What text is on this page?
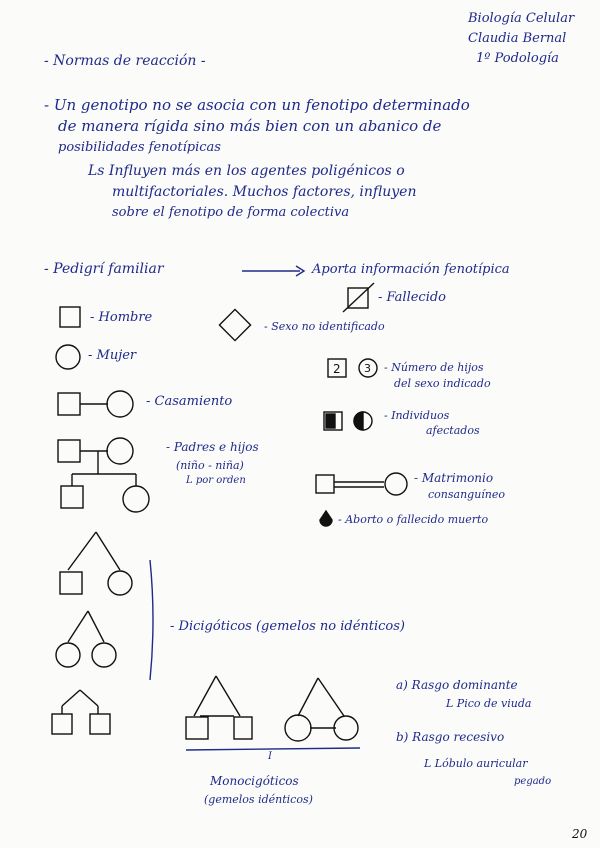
Biología Celular
Claudia Bernal
1º Podología
- Normas de reacción -
- Un genotipo no se asocia con un fenotipo determinado
de manera rígida sino más bien con un abanico de
posibilidades fenotípicas
Ls Influyen más en los agentes poligénicos o
multifactoriales. Muchos factores, influyen
sobre el fenotipo de forma colectiva
- Pedigrí familiar	Aporta información fenotípica
- Hombre
- Mujer
- Casamiento
- Padres e hijos
(niño - niña)
L por orden
- Fallecido
- Sexo no identificado
- Número de hijos
del sexo indicado
- Individuos
afectados
- Matrimonio
consanguíneo
- Aborto o fallecido muerto
- Dicigóticos (gemelos no idénticos)
a) Rasgo dominante
L Pico de viuda
b) Rasgo recesivo
L Lóbulo auricular
pegado
Monocigóticos
(gemelos idénticos)
I
20
2 3
